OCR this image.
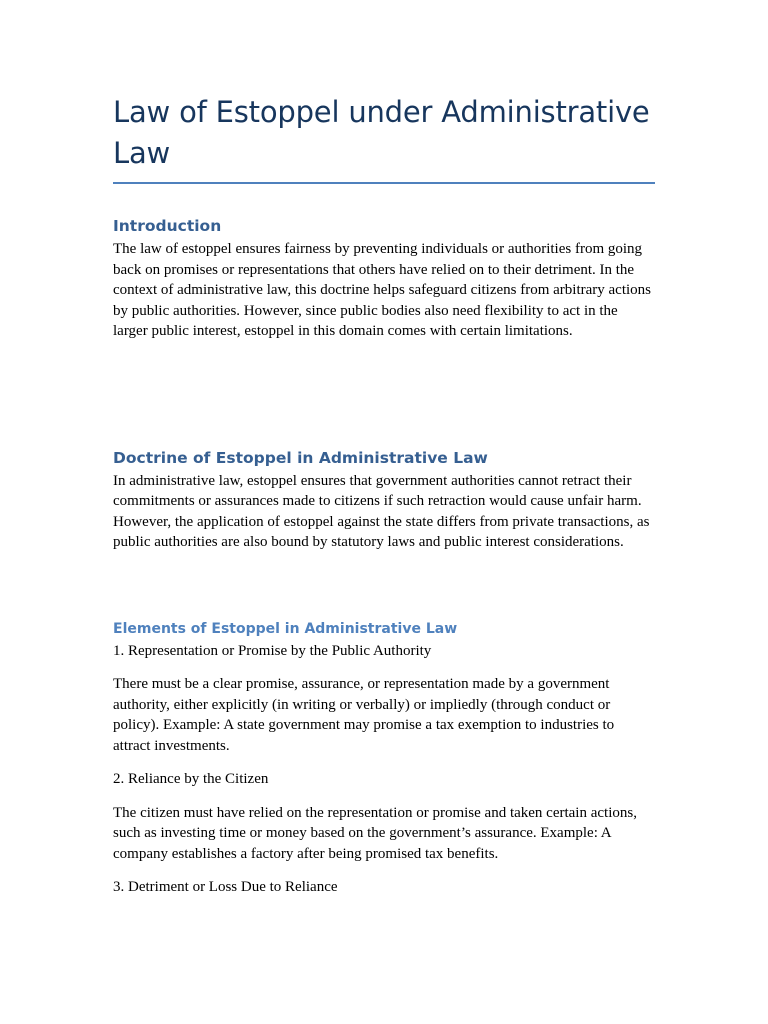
Law of Estoppel under Administrative Law
Introduction

The law of estoppel ensures fairness by preventing individuals or authorities from going back on promises or representations that others have relied on to their detriment. In the context of administrative law, this doctrine helps safeguard citizens from arbitrary actions by public authorities. However, since public bodies also need flexibility to act in the larger public interest, estoppel in this domain comes with certain limitations.

Doctrine of Estoppel in Administrative Law

In administrative law, estoppel ensures that government authorities cannot retract their commitments or assurances made to citizens if such retraction would cause unfair harm. However, the application of estoppel against the state differs from private transactions, as public authorities are also bound by statutory laws and public interest considerations.

Elements of Estoppel in Administrative Law

1. Representation or Promise by the Public Authority

There must be a clear promise, assurance, or representation made by a government authority, either explicitly (in writing or verbally) or impliedly (through conduct or policy). Example: A state government may promise a tax exemption to industries to attract investments.

2. Reliance by the Citizen

The citizen must have relied on the representation or promise and taken certain actions, such as investing time or money based on the government’s assurance. Example: A company establishes a factory after being promised tax benefits.

3. Detriment or Loss Due to Reliance
